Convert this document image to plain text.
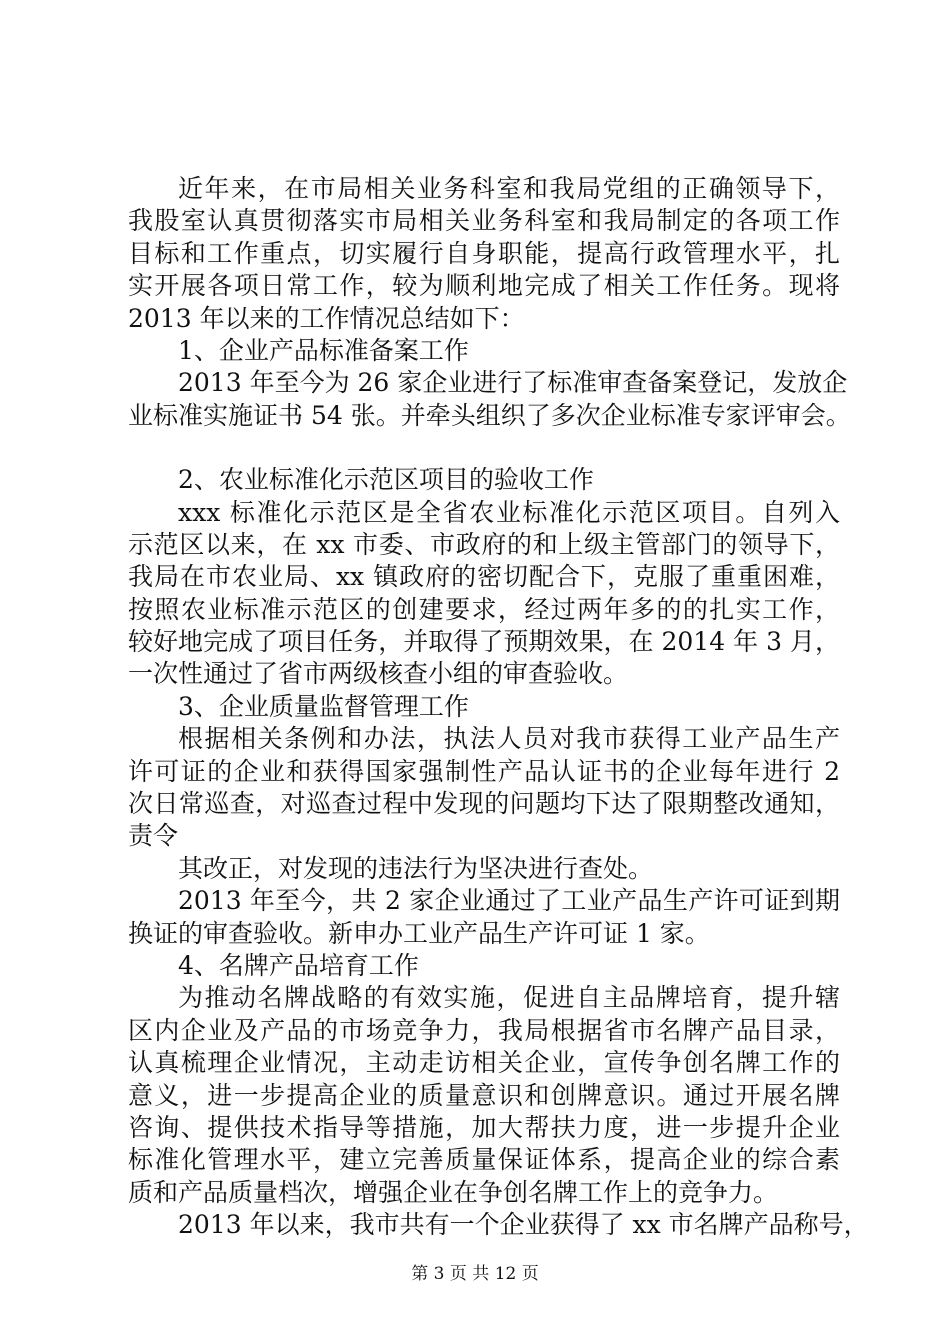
近年来，在市局相关业务科室和我局党组的正确领导下，
我股室认真贯彻落实市局相关业务科室和我局制定的各项工作
目标和工作重点，切实履行自身职能，提高行政管理水平，扎
实开展各项日常工作，较为顺利地完成了相关工作任务。现将
2013 年以来的工作情况总结如下：
1、企业产品标准备案工作
2013 年至今为 26 家企业进行了标准审查备案登记，发放企
业标准实施证书 54 张。并牵头组织了多次企业标准专家评审会。
2、农业标准化示范区项目的验收工作
xxx 标准化示范区是全省农业标准化示范区项目。自列入
示范区以来，在 xx 市委、市政府的和上级主管部门的领导下，
我局在市农业局、xx 镇政府的密切配合下，克服了重重困难，
按照农业标准示范区的创建要求，经过两年多的的扎实工作，
较好地完成了项目任务，并取得了预期效果，在 2014 年 3 月，
一次性通过了省市两级核查小组的审查验收。
3、企业质量监督管理工作
根据相关条例和办法，执法人员对我市获得工业产品生产
许可证的企业和获得国家强制性产品认证书的企业每年进行 2
次日常巡查，对巡查过程中发现的问题均下达了限期整改通知，
责令
其改正，对发现的违法行为坚决进行查处。
2013 年至今，共 2 家企业通过了工业产品生产许可证到期
换证的审查验收。新申办工业产品生产许可证 1 家。
4、名牌产品培育工作
为推动名牌战略的有效实施，促进自主品牌培育，提升辖
区内企业及产品的市场竞争力，我局根据省市名牌产品目录，
认真梳理企业情况，主动走访相关企业，宣传争创名牌工作的
意义，进一步提高企业的质量意识和创牌意识。通过开展名牌
咨询、提供技术指导等措施，加大帮扶力度，进一步提升企业
标准化管理水平，建立完善质量保证体系，提高企业的综合素
质和产品质量档次，增强企业在争创名牌工作上的竞争力。
2013 年以来，我市共有一个企业获得了 xx 市名牌产品称号，
第 3 页 共 12 页
